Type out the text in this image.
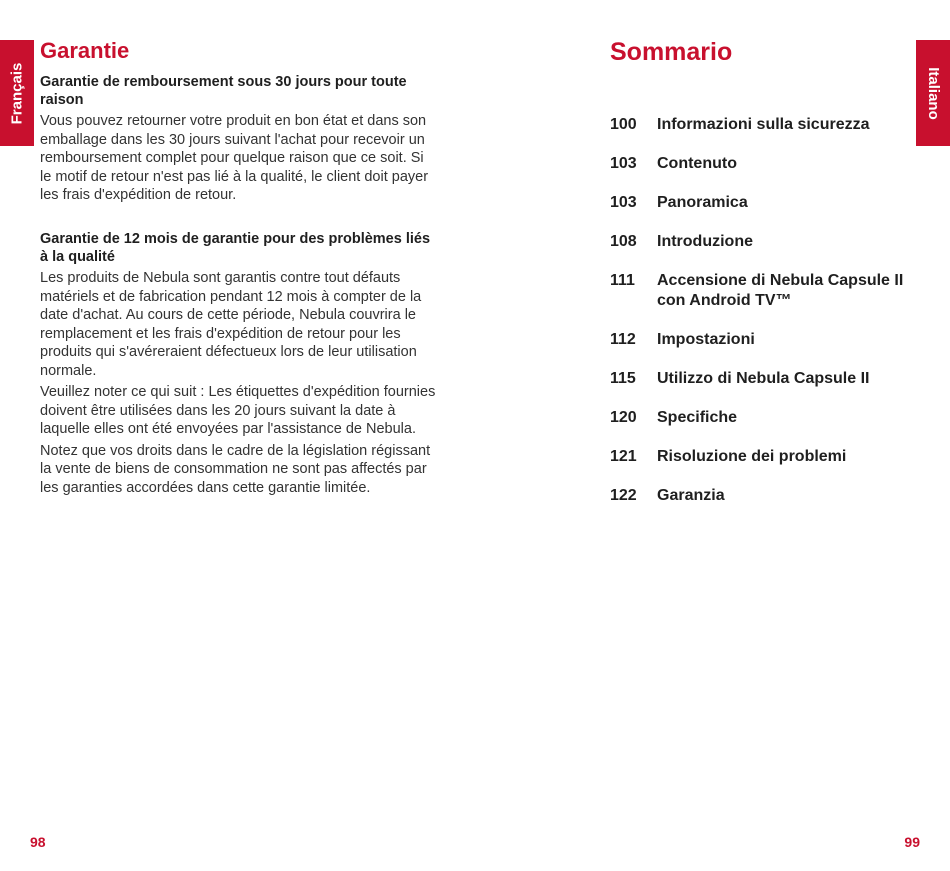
Français
Garantie
Garantie de remboursement sous 30 jours pour toute raison

Vous pouvez retourner votre produit en bon état et dans son emballage dans les 30 jours suivant l'achat pour recevoir un remboursement complet pour quelque raison que ce soit. Si le motif de retour n'est pas lié à la qualité, le client doit payer les frais d'expédition de retour.

Garantie de 12 mois de garantie pour des problèmes liés à la qualité

Les produits de Nebula sont garantis contre tout défauts matériels et de fabrication pendant 12 mois à compter de la date d'achat. Au cours de cette période, Nebula couvrira le remplacement et les frais d'expédition de retour pour les produits qui s'avéreraient défectueux lors de leur utilisation normale.

Veuillez noter ce qui suit : Les étiquettes d'expédition fournies doivent être utilisées dans les 20 jours suivant la date à laquelle elles ont été envoyées par l'assistance de Nebula.

Notez que vos droits dans le cadre de la législation régissant la vente de biens de consommation ne sont pas affectés par les garanties accordées dans cette garantie limitée.

98
Italiano
Sommario
100	Informazioni sulla sicurezza
103	Contenuto
103	Panoramica
108	Introduzione
111	Accensione di Nebula Capsule II con Android TV™
112	Impostazioni
115	Utilizzo di Nebula Capsule II
120	Specifiche
121	Risoluzione dei problemi
122	Garanzia
99
